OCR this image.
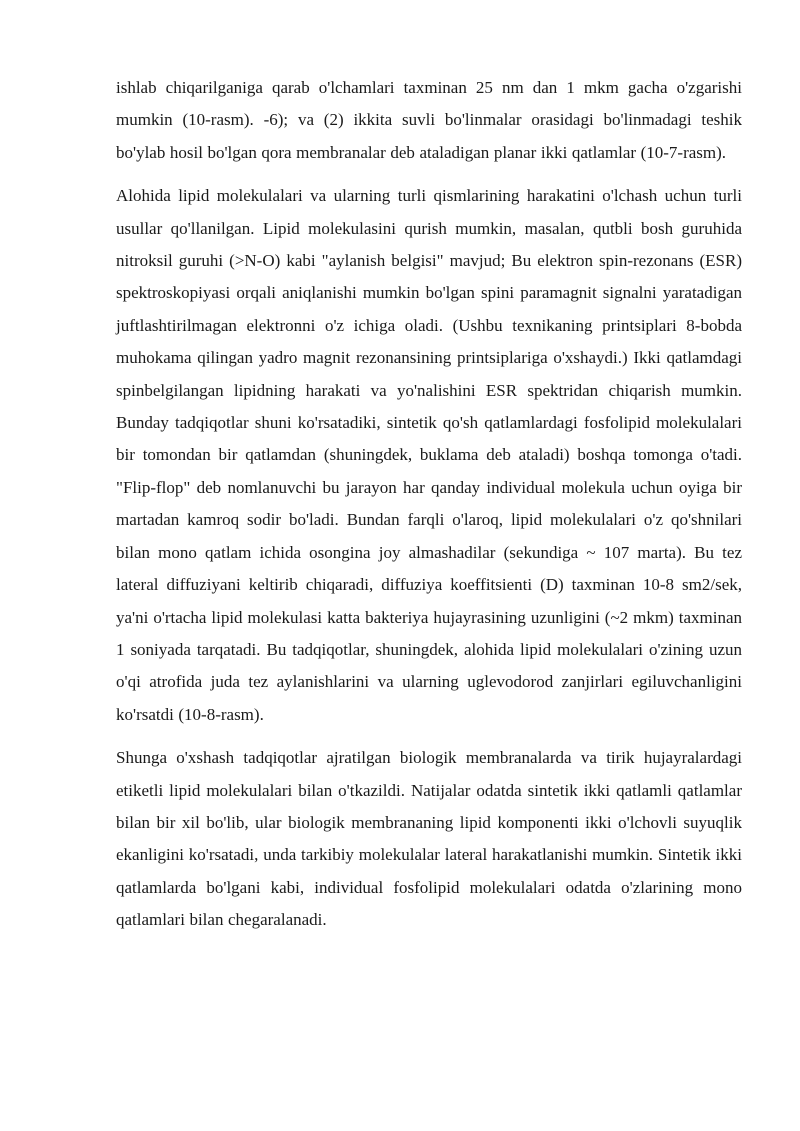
ishlab chiqarilganiga qarab o'lchamlari taxminan 25 nm dan 1 mkm gacha o'zgarishi mumkin (10-rasm). -6); va (2) ikkita suvli bo'linmalar orasidagi bo'linmadagi teshik bo'ylab hosil bo'lgan qora membranalar deb ataladigan planar ikki qatlamlar (10-7-rasm).

Alohida lipid molekulalari va ularning turli qismlarining harakatini o'lchash uchun turli usullar qo'llanilgan. Lipid molekulasini qurish mumkin, masalan, qutbli bosh guruhida nitroksil guruhi (>N-O) kabi "aylanish belgisi" mavjud; Bu elektron spin-rezonans (ESR) spektroskopiyasi orqali aniqlanishi mumkin bo'lgan spini paramagnit signalni yaratadigan juftlashtirilmagan elektronni o'z ichiga oladi. (Ushbu texnikaning printsiplari 8-bobda muhokama qilingan yadro magnit rezonansining printsiplariga o'xshaydi.) Ikki qatlamdagi spinbelgilangan lipidning harakati va yo'nalishini ESR spektridan chiqarish mumkin. Bunday tadqiqotlar shuni ko'rsatadiki, sintetik qo'sh qatlamlardagi fosfolipid molekulalari bir tomondan bir qatlamdan (shuningdek, buklama deb ataladi) boshqa tomonga o'tadi. "Flip-flop" deb nomlanuvchi bu jarayon har qanday individual molekula uchun oyiga bir martadan kamroq sodir bo'ladi. Bundan farqli o'laroq, lipid molekulalari o'z qo'shnilari bilan mono qatlam ichida osongina joy almashadilar (sekundiga ~ 107 marta). Bu tez lateral diffuziyani keltirib chiqaradi, diffuziya koeffitsienti (D) taxminan 10-8 sm2/sek, ya'ni o'rtacha lipid molekulasi katta bakteriya hujayrasining uzunligini (~2 mkm) taxminan 1 soniyada tarqatadi. Bu tadqiqotlar, shuningdek, alohida lipid molekulalari o'zining uzun o'qi atrofida juda tez aylanishlarini va ularning uglevodorod zanjirlari egiluvchanligini ko'rsatdi (10-8-rasm).

Shunga o'xshash tadqiqotlar ajratilgan biologik membranalarda va tirik hujayralardagi etiketli lipid molekulalari bilan o'tkazildi. Natijalar odatda sintetik ikki qatlamli qatlamlar bilan bir xil bo'lib, ular biologik membrananing lipid komponenti ikki o'lchovli suyuqlik ekanligini ko'rsatadi, unda tarkibiy molekulalar lateral harakatlanishi mumkin. Sintetik ikki qatlamlarda bo'lgani kabi, individual fosfolipid molekulalari odatda o'zlarining mono qatlamlari bilan chegaralanadi.
